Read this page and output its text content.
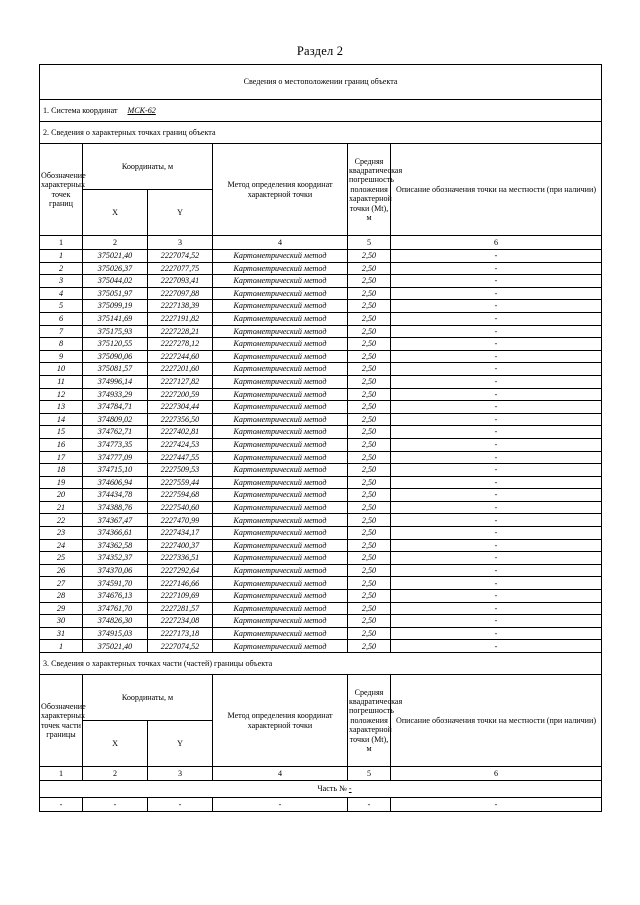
Раздел 2
Сведения о местоположении границ объекта					
1. Система координат МСК-62					
2. Сведения о характерных точках границ объекта					
Обозначение характерных точек границ	Координаты, м		Метод определения координат характерной точки	Средняя квадратическая погрешность положения характерной точки (Mt), м	Описание обозначения точки на местности (при наличии)
	X	Y			
1	2	3	4	5	6
1	375021,40	2227074,52	Картометрический метод	2,50	-
2	375026,37	2227077,75	Картометрический метод	2,50	-
3	375044,02	2227093,41	Картометрический метод	2,50	-
4	375051,97	2227097,88	Картометрический метод	2,50	-
5	375099,19	2227138,39	Картометрический метод	2,50	-
6	375141,69	2227191,82	Картометрический метод	2,50	-
7	375175,93	2227228,21	Картометрический метод	2,50	-
8	375120,55	2227278,12	Картометрический метод	2,50	-
9	375090,06	2227244,60	Картометрический метод	2,50	-
10	375081,57	2227201,60	Картометрический метод	2,50	-
11	374996,14	2227127,82	Картометрический метод	2,50	-
12	374933,29	2227200,59	Картометрический метод	2,50	-
13	374784,71	2227304,44	Картометрический метод	2,50	-
14	374809,02	2227356,50	Картометрический метод	2,50	-
15	374762,71	2227402,81	Картометрический метод	2,50	-
16	374773,35	2227424,53	Картометрический метод	2,50	-
17	374777,09	2227447,55	Картометрический метод	2,50	-
18	374715,10	2227509,53	Картометрический метод	2,50	-
19	374606,94	2227559,44	Картометрический метод	2,50	-
20	374434,78	2227594,68	Картометрический метод	2,50	-
21	374388,76	2227540,60	Картометрический метод	2,50	-
22	374367,47	2227470,99	Картометрический метод	2,50	-
23	374366,61	2227434,17	Картометрический метод	2,50	-
24	374362,58	2227400,37	Картометрический метод	2,50	-
25	374352,37	2227336,51	Картометрический метод	2,50	-
26	374370,06	2227292,64	Картометрический метод	2,50	-
27	374591,70	2227146,66	Картометрический метод	2,50	-
28	374676,13	2227109,69	Картометрический метод	2,50	-
29	374761,70	2227281,57	Картометрический метод	2,50	-
30	374826,30	2227234,08	Картометрический метод	2,50	-
31	374915,03	2227173,18	Картометрический метод	2,50	-
1	375021,40	2227074,52	Картометрический метод	2,50	-
3. Сведения о характерных точках части (частей) границы объекта					
Обозначение характерных точек части границы	Координаты, м		Метод определения координат характерной точки	Средняя квадратическая погрешность положения характерной точки (Mt), м	Описание обозначения точки на местности (при наличии)
	X	Y			
1	2	3	4	5	6
Часть № -					
-	-	-	-	-	-
